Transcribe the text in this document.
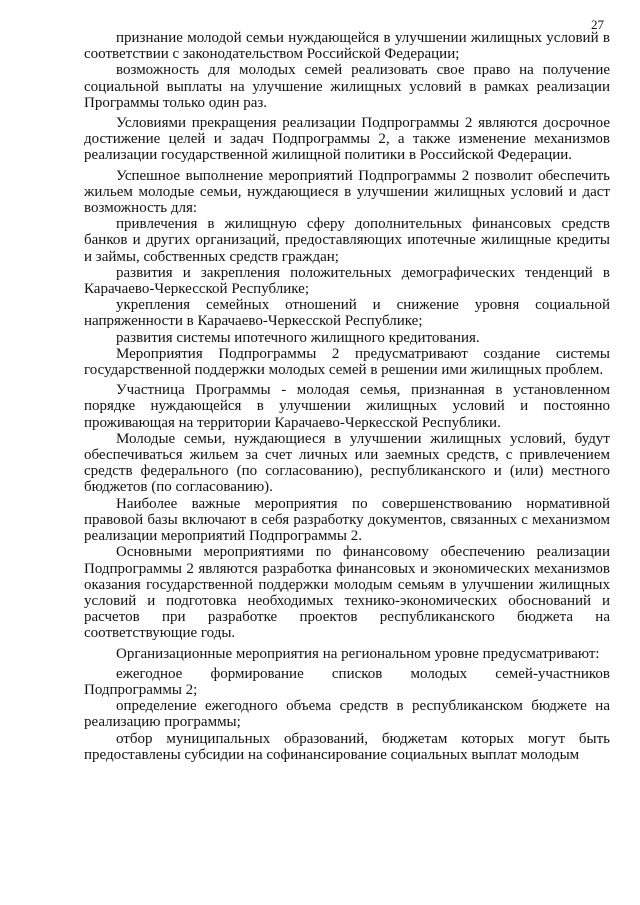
27

признание молодой семьи нуждающейся в улучшении жилищных условий в соответствии с законодательством Российской Федерации;

возможность для молодых семей реализовать свое право на получение социальной выплаты на улучшение жилищных условий в рамках реализации Программы только один раз.

Условиями прекращения реализации Подпрограммы 2 являются досрочное достижение целей и задач Подпрограммы 2, а также изменение механизмов реализации государственной жилищной политики в Российской Федерации.

Успешное выполнение мероприятий Подпрограммы 2 позволит обеспечить жильем молодые семьи, нуждающиеся в улучшении жилищных условий и даст возможность для:

привлечения в жилищную сферу дополнительных финансовых средств банков и других организаций, предоставляющих ипотечные жилищные кредиты и займы, собственных средств граждан;

развития и закрепления положительных демографических тенденций в Карачаево-Черкесской Республике;

укрепления семейных отношений и снижение уровня социальной напряженности в Карачаево-Черкесской Республике;

развития системы ипотечного жилищного кредитования.

Мероприятия Подпрограммы 2 предусматривают создание системы государственной поддержки молодых семей в решении ими жилищных проблем.

Участница Программы - молодая семья, признанная в установленном порядке нуждающейся в улучшении жилищных условий и постоянно проживающая на территории Карачаево-Черкесской Республики.

Молодые семьи, нуждающиеся в улучшении жилищных условий, будут обеспечиваться жильем за счет личных или заемных средств, с привлечением средств федерального (по согласованию), республиканского и (или) местного бюджетов (по согласованию).

Наиболее важные мероприятия по совершенствованию нормативной правовой базы включают в себя разработку документов, связанных с механизмом реализации мероприятий Подпрограммы 2.

Основными мероприятиями по финансовому обеспечению реализации Подпрограммы 2 являются разработка финансовых и экономических механизмов оказания государственной поддержки молодым семьям в улучшении жилищных условий и подготовка необходимых технико-экономических обоснований и расчетов при разработке проектов республиканского бюджета на соответствующие годы.

Организационные мероприятия на региональном уровне предусматривают:

ежегодное формирование списков молодых семей-участников Подпрограммы 2;

определение ежегодного объема средств в республиканском бюджете на реализацию программы;

отбор муниципальных образований, бюджетам которых могут быть предоставлены субсидии на софинансирование социальных выплат молодым
